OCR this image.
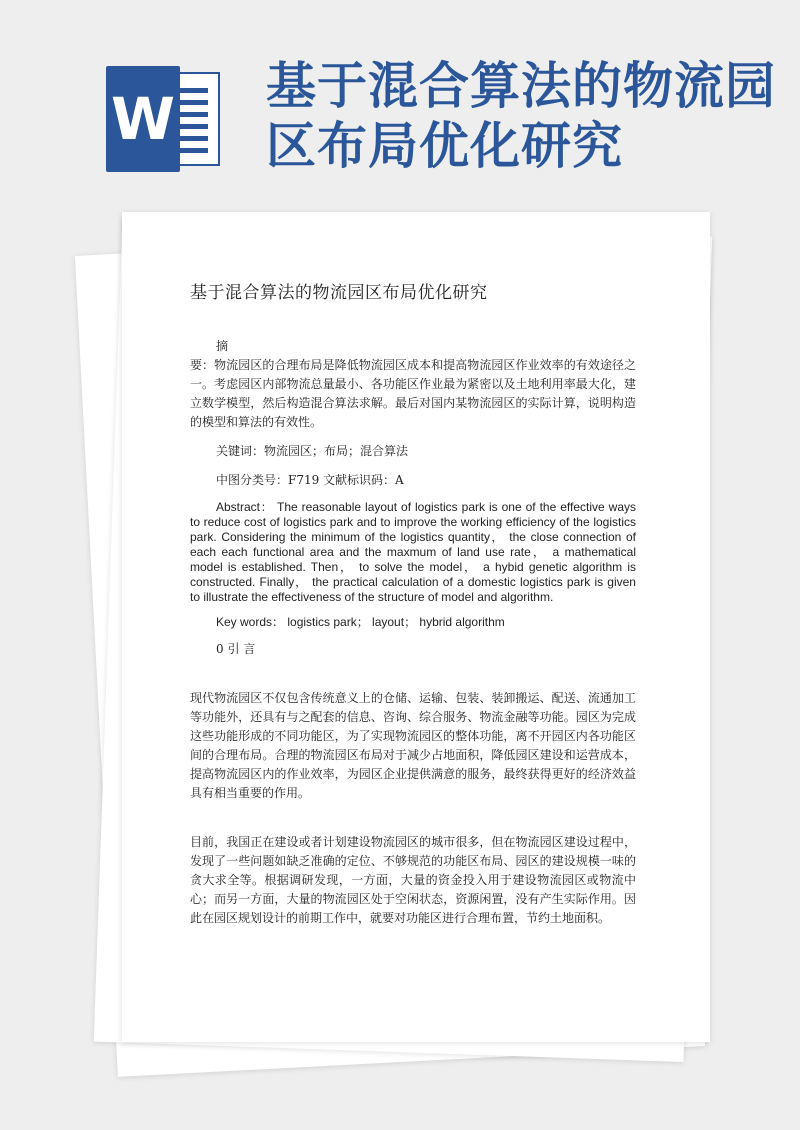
W 基于混合算法的物流园区布局优化研究
基于混合算法的物流园区布局优化研究
摘

要：物流园区的合理布局是降低物流园区成本和提高物流园区作业效率的有效途径之一。考虑园区内部物流总量最小、各功能区作业最为紧密以及土地利用率最大化，建立数学模型，然后构造混合算法求解。最后对国内某物流园区的实际计算，说明构造的模型和算法的有效性。

关键词：物流园区；布局；混合算法

中图分类号：F719 文献标识码：A

Abstract： The reasonable layout of logistics park is one of the effective ways to reduce cost of logistics park and to improve the working efficiency of the logistics park. Considering the minimum of the logistics quantity， the close connection of each each functional area and the maxmum of land use rate， a mathematical model is established. Then， to solve the model， a hybid genetic algorithm is constructed. Finally， the practical calculation of a domestic logistics park is given to illustrate the effectiveness of the structure of model and algorithm.

Key words： logistics park； layout； hybrid algorithm

0 引 言

现代物流园区不仅包含传统意义上的仓储、运输、包装、装卸搬运、配送、流通加工等功能外，还具有与之配套的信息、咨询、综合服务、物流金融等功能。园区为完成这些功能形成的不同功能区，为了实现物流园区的整体功能，离不开园区内各功能区间的合理布局。合理的物流园区布局对于减少占地面积，降低园区建设和运营成本，提高物流园区内的作业效率，为园区企业提供满意的服务，最终获得更好的经济效益具有相当重要的作用。

目前，我国正在建设或者计划建设物流园区的城市很多，但在物流园区建设过程中，发现了一些问题如缺乏准确的定位、不够规范的功能区布局、园区的建设规模一味的贪大求全等。根据调研发现，一方面，大量的资金投入用于建设物流园区或物流中心；而另一方面，大量的物流园区处于空闲状态，资源闲置，没有产生实际作用。因此在园区规划设计的前期工作中，就要对功能区进行合理布置，节约土地面积。
